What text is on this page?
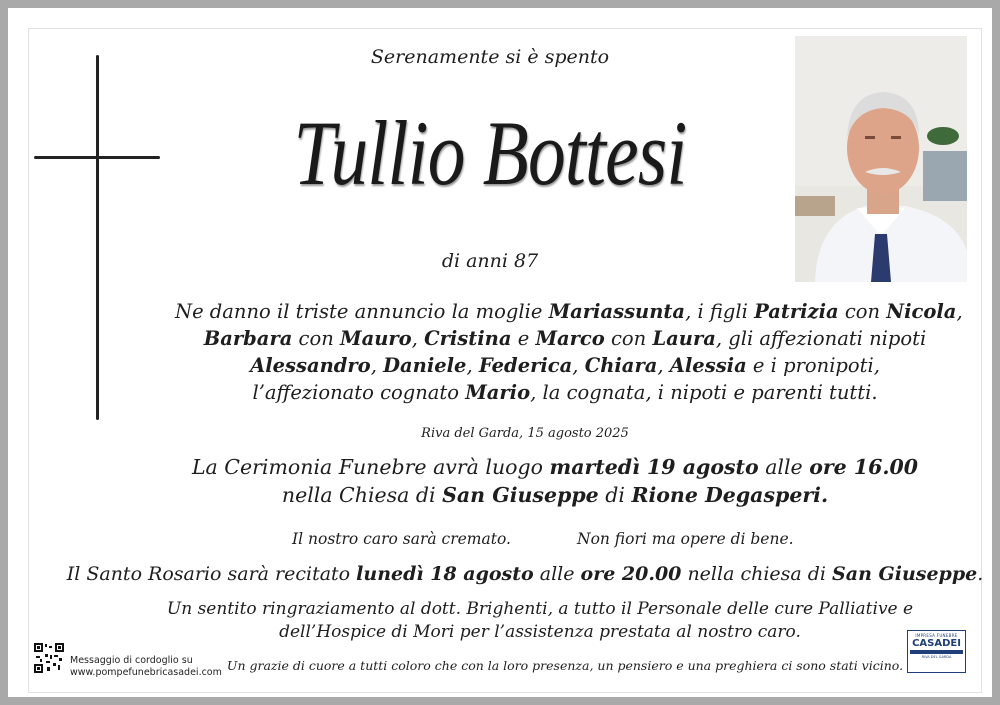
Serenamente si è spento
Tullio Bottesi
di anni 87
Ne danno il triste annuncio la moglie Mariassunta, i figli Patrizia con Nicola,
Barbara con Mauro, Cristina e Marco con Laura, gli affezionati nipoti
Alessandro, Daniele, Federica, Chiara, Alessia e i pronipoti,
l’affezionato cognato Mario, la cognata, i nipoti e parenti tutti.
Riva del Garda, 15 agosto 2025
La Cerimonia Funebre avrà luogo martedì 19 agosto alle ore 16.00
nella Chiesa di San Giuseppe di Rione Degasperi.
Il nostro caro sarà cremato.	Non fiori ma opere di bene.
Il Santo Rosario sarà recitato lunedì 18 agosto alle ore 20.00 nella chiesa di San Giuseppe.
Un sentito ringraziamento al dott. Brighenti, a tutto il Personale delle cure Palliative e
dell’Hospice di Mori per l’assistenza prestata al nostro caro.
Un grazie di cuore a tutti coloro che con la loro presenza, un pensiero e una preghiera ci sono stati vicino.
Messaggio di cordoglio su
www.pompefunebricasadei.com
IMPRESA FUNEBRE
CASADEI
RIVA DEL GARDA
